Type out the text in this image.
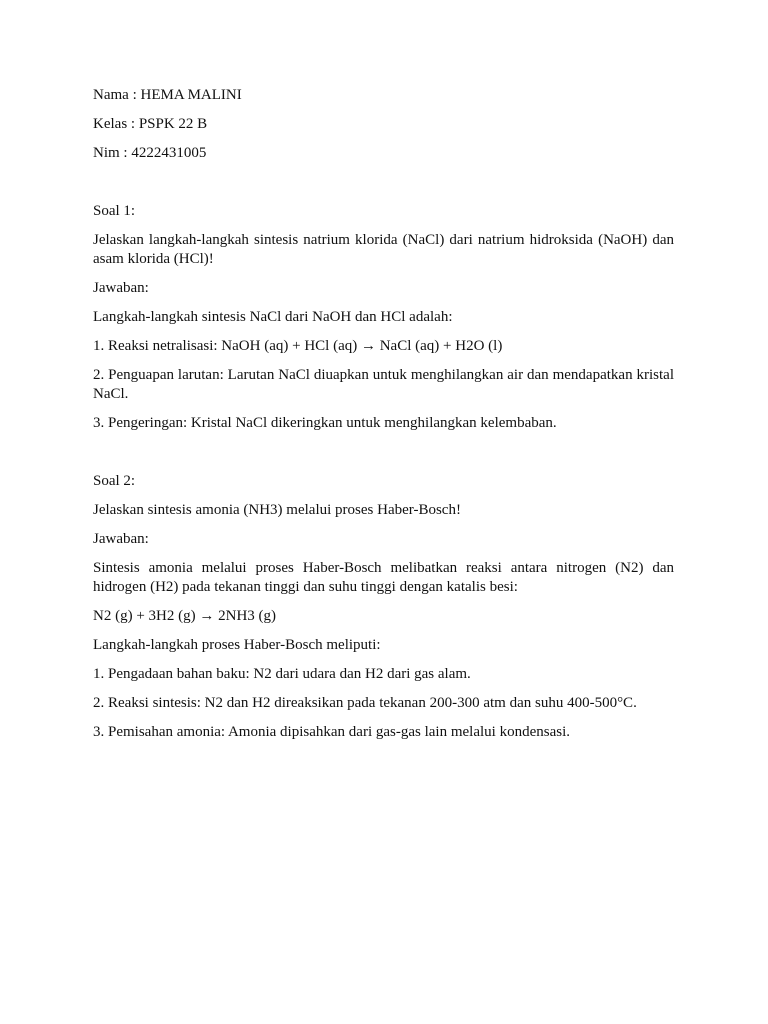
Nama : HEMA MALINI

Kelas : PSPK 22 B

Nim : 4222431005

Soal 1:

Jelaskan langkah-langkah sintesis natrium klorida (NaCl) dari natrium hidroksida (NaOH) dan asam klorida (HCl)!

Jawaban:

Langkah-langkah sintesis NaCl dari NaOH dan HCl adalah:

1. Reaksi netralisasi: NaOH (aq) + HCl (aq) → NaCl (aq) + H2O (l)

2. Penguapan larutan: Larutan NaCl diuapkan untuk menghilangkan air dan mendapatkan kristal NaCl.

3. Pengeringan: Kristal NaCl dikeringkan untuk menghilangkan kelembaban.

Soal 2:

Jelaskan sintesis amonia (NH3) melalui proses Haber-Bosch!

Jawaban:

Sintesis amonia melalui proses Haber-Bosch melibatkan reaksi antara nitrogen (N2) dan hidrogen (H2) pada tekanan tinggi dan suhu tinggi dengan katalis besi:

N2 (g) + 3H2 (g) → 2NH3 (g)

Langkah-langkah proses Haber-Bosch meliputi:

1. Pengadaan bahan baku: N2 dari udara dan H2 dari gas alam.

2. Reaksi sintesis: N2 dan H2 direaksikan pada tekanan 200-300 atm dan suhu 400-500°C.

3. Pemisahan amonia: Amonia dipisahkan dari gas-gas lain melalui kondensasi.
